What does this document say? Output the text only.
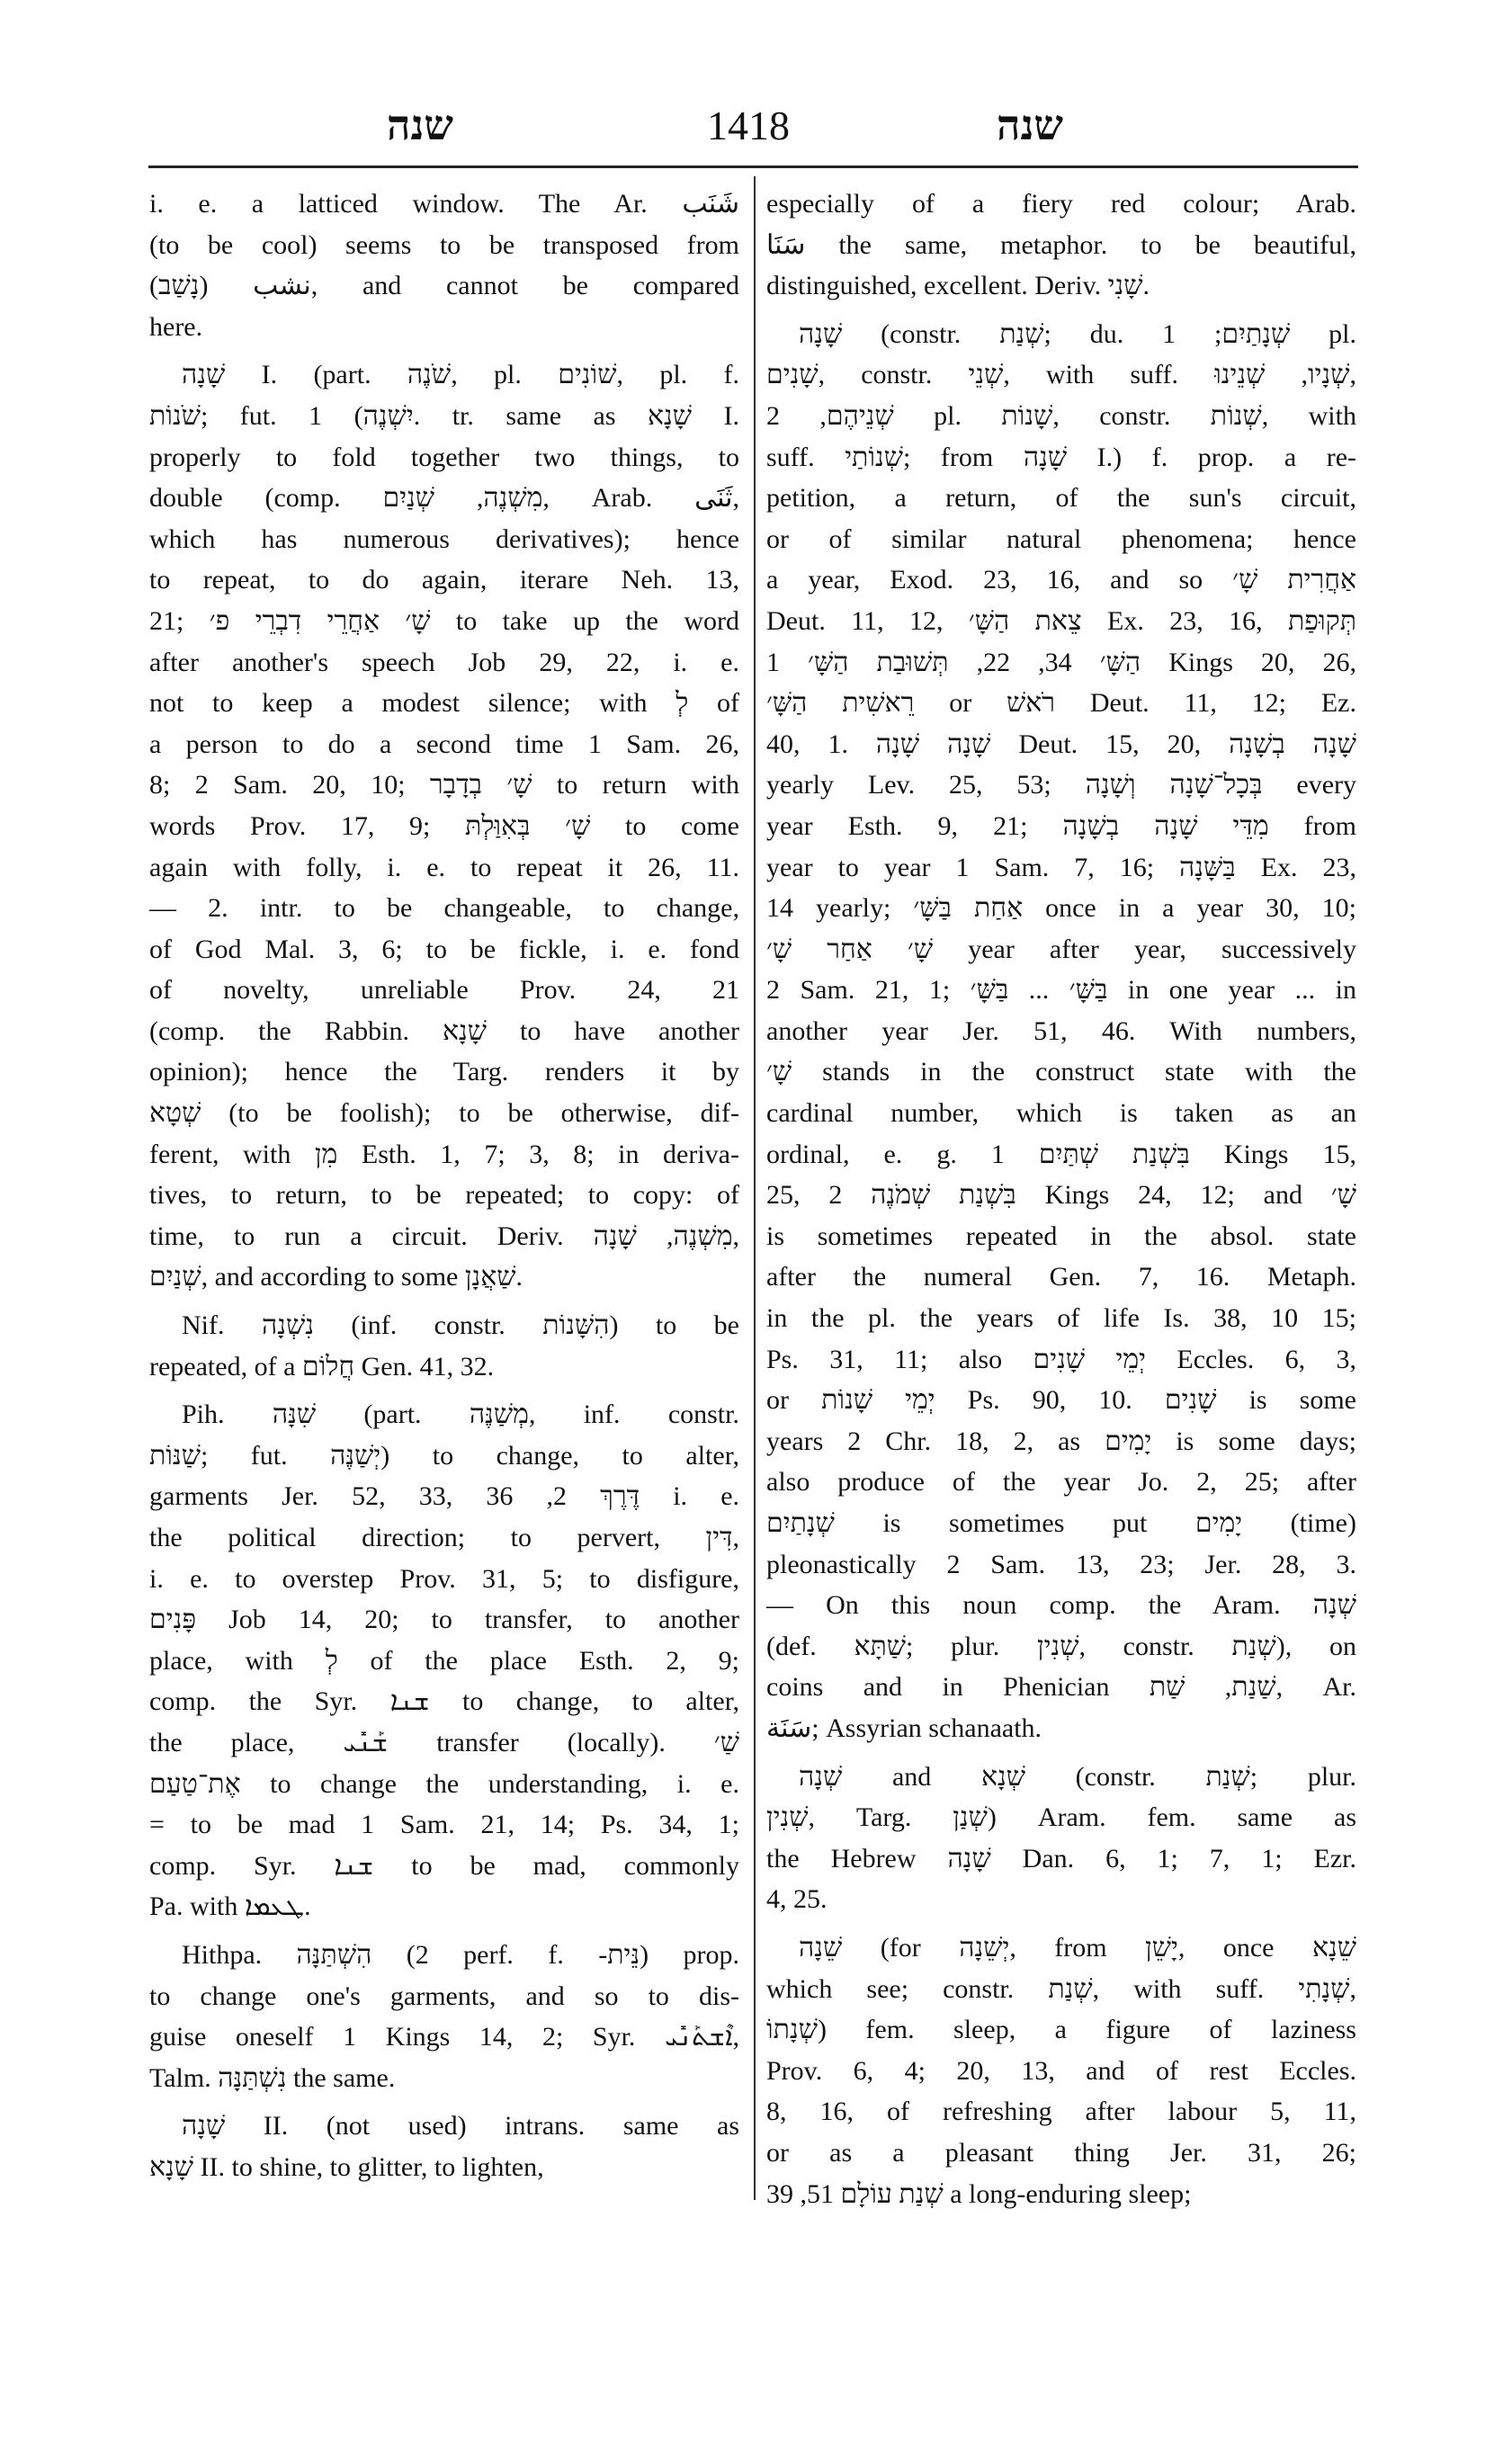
שנה	1418	שנה
i. e. a latticed window. The Ar. شَنَب
(to be cool) seems to be transposed from
نشب (נָשַׁב), and cannot be compared
here.
שָׁנָה I. (part. שֹׁנֶה, pl. שׁוֹנִים, pl. f.
שֹׁנוֹת; fut. יִשְׁנֶה) 1. tr. same as שָׁנָא I.
properly to fold together two things, to
double (comp. מִשְׁנֶה, שְׁנַיִם, Arab. ثَنَى,
which has numerous derivatives); hence
to repeat, to do again, iterare Neh. 13,
21; שָׁ׳ אַחֲרֵי דִבְרֵי פ׳ to take up the word
after another's speech Job 29, 22, i. e.
not to keep a modest silence; with לְ of
a person to do a second time 1 Sam. 26,
8; 2 Sam. 20, 10; שָׁ׳ בְדָבָר to return with
words Prov. 17, 9; שָׁ׳ בְּאִוַּלְתּ to come
again with folly, i. e. to repeat it 26, 11.
— 2. intr. to be changeable, to change,
of God Mal. 3, 6; to be fickle, i. e. fond
of novelty, unreliable Prov. 24, 21
(comp. the Rabbin. שָׁנָא to have another
opinion); hence the Targ. renders it by
שְׁטָא (to be foolish); to be otherwise, dif-
ferent, with מִן Esth. 1, 7; 3, 8; in deriva-
tives, to return, to be repeated; to copy: of
time, to run a circuit. Deriv. מִשְׁנֶה, שָׁנָה,
שְׁנַיִם, and according to some שַׁאֲנָן.
Nif. נִשְׁנָה (inf. constr. הִשָּׁנוֹת) to be
repeated, of a חֲלוֹם Gen. 41, 32.
Pih. שִׁנָּה (part. מְשַׁנֶּה, inf. constr.
שַׁנּוֹת; fut. יְשַׁנֶּה) to change, to alter,
garments Jer. 52, 33, דֶּרֶךְ 2, 36 i. e.
the political direction; to pervert, דִּין,
i. e. to overstep Prov. 31, 5; to disfigure,
פָּנִים Job 14, 20; to transfer, to another
place, with לְ of the place Esth. 2, 9;
comp. the Syr. ܫܢܐ to change, to alter,
the place, ܫܰܢܺܝ transfer (locally). שַׁ׳
אֶת־טַעַם to change the understanding, i. e.
= to be mad 1 Sam. 21, 14; Ps. 34, 1;
comp. Syr. ܫܢܐ to be mad, commonly
Pa. with ܛܥܡܐ.
Hithpa. הִשְׁתַּנָּה (2 perf. f. -נֵּית) prop.
to change one's garments, and so to dis-
guise oneself 1 Kings 14, 2; Syr. ܐܶܫܬܰܢܺܝ,
Talm. נִשְׁתַּנָּה the same.
שָׁנָה II. (not used) intrans. same as
שָׁנָא II. to shine, to glitter, to lighten,
especially of a fiery red colour; Arab.
سَنَا the same, metaphor. to be beautiful,
distinguished, excellent. Deriv. שָׁנִי.
שָׁנָה (constr. שְׁנַת; du. שְׁנָתַיִם; 1 pl.
שָׁנִים, constr. שְׁנֵי, with suff. שְׁנָיו, שְׁנֵינוּ,
שְׁנֵיהֶם, 2 pl. שָׁנוֹת, constr. שְׁנוֹת, with
suff. שְׁנוֹתַי; from שָׁנָה I.) f. prop. a re-
petition, a return, of the sun's circuit,
or of similar natural phenomena; hence
a year, Exod. 23, 16, and so אַחֲרִית שָׁ׳
Deut. 11, 12, צֵאת הַשָּׁ׳ Ex. 23, 16, תְּקוּפַת
הַשָּׁ׳ 34, 22, תְּשׁוּבַת הַשָּׁ׳ 1 Kings 20, 26,
רֵאשִׁית הַשָּׁ׳ or רֹאשׁ Deut. 11, 12; Ez.
40, 1. שָׁנָה שָׁנָה Deut. 15, 20, שָׁנָה בְשָׁנָה
yearly Lev. 25, 53; בְּכָל־שָׁנָה וְשָׁנָה every
year Esth. 9, 21; מִדֵּי שָׁנָה בְשָׁנָה from
year to year 1 Sam. 7, 16; בַּשָּׁנָה Ex. 23,
14 yearly; אַחַת בַּשָּׁ׳ once in a year 30, 10;
שָׁ׳ אַחַר שָׁ׳ year after year, successively
2 Sam. 21, 1; בַּשָּׁ׳ ... בַּשָּׁ׳ in one year ... in
another year Jer. 51, 46. With numbers,
שָׁ׳ stands in the construct state with the
cardinal number, which is taken as an
ordinal, e. g. בִּשְׁנַת שְׁתַּיִם 1 Kings 15,
25, בִּשְׁנַת שְׁמֹנֶה 2 Kings 24, 12; and שָׁ׳
is sometimes repeated in the absol. state
after the numeral Gen. 7, 16. Metaph.
in the pl. the years of life Is. 38, 10 15;
Ps. 31, 11; also יְמֵי שָׁנִים Eccles. 6, 3,
or יְמֵי שָׁנוֹת Ps. 90, 10. שָׁנִים is some
years 2 Chr. 18, 2, as יָמִים is some days;
also produce of the year Jo. 2, 25; after
שְׁנָתַיִם is sometimes put יָמִים (time)
pleonastically 2 Sam. 13, 23; Jer. 28, 3.
— On this noun comp. the Aram. שְׁנָה
(def. שַׁתָּא; plur. שְׁנִין, constr. שְׁנַת), on
coins and in Phenician שַׁנַת, שַׁת, Ar.
سَنَة; Assyrian schanaath.
שְׁנָה and שְׁנָא (constr. שְׁנַת; plur.
שְׁנִין, Targ. שְׁנַן) Aram. fem. same as
the Hebrew שָׁנָה Dan. 6, 1; 7, 1; Ezr.
4, 25.
שֵׁנָה (for יְשֵׁנָה, from יָשֵׁן, once שֵׁנָא
which see; constr. שְׁנַת, with suff. שְׁנָתִי,
שְׁנָתוֹ) fem. sleep, a figure of laziness
Prov. 6, 4; 20, 13, and of rest Eccles.
8, 16, of refreshing after labour 5, 11,
or as a pleasant thing Jer. 31, 26;
שְׁנַת עוֹלָם 51, 39 a long-enduring sleep;
